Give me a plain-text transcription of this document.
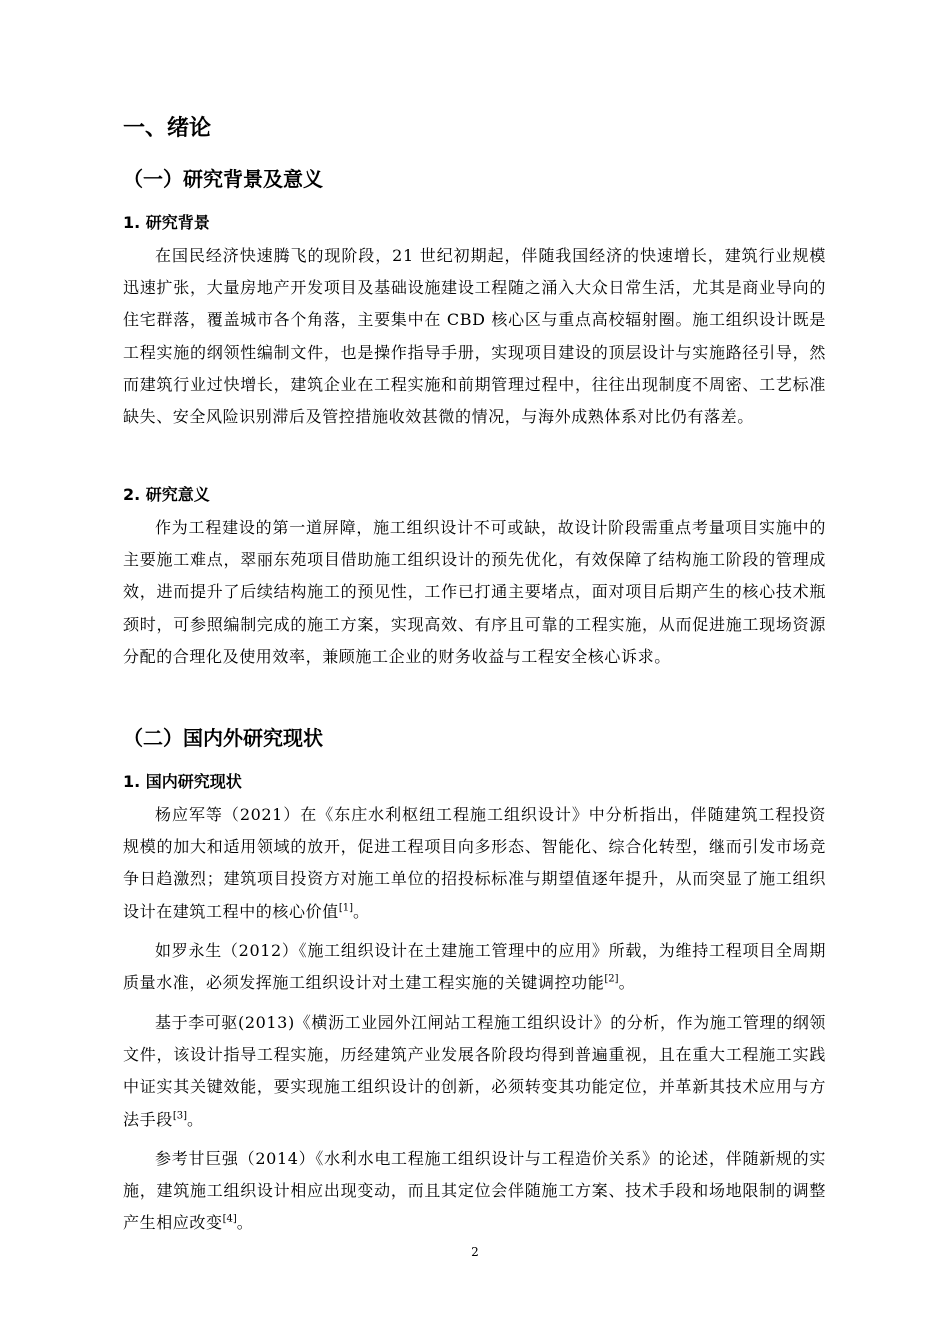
一、绪论
（一）研究背景及意义
1. 研究背景

在国民经济快速腾飞的现阶段，21 世纪初期起，伴随我国经济的快速增长，建筑行业规模迅速扩张，大量房地产开发项目及基础设施建设工程随之涌入大众日常生活，尤其是商业导向的住宅群落，覆盖城市各个角落，主要集中在 CBD 核心区与重点高校辐射圈。施工组织设计既是工程实施的纲领性编制文件，也是操作指导手册，实现项目建设的顶层设计与实施路径引导，然而建筑行业过快增长，建筑企业在工程实施和前期管理过程中，往往出现制度不周密、工艺标准缺失、安全风险识别滞后及管控措施收效甚微的情况，与海外成熟体系对比仍有落差。

2. 研究意义

作为工程建设的第一道屏障，施工组织设计不可或缺，故设计阶段需重点考量项目实施中的主要施工难点，翠丽东苑项目借助施工组织设计的预先优化，有效保障了结构施工阶段的管理成效，进而提升了后续结构施工的预见性，工作已打通主要堵点，面对项目后期产生的核心技术瓶颈时，可参照编制完成的施工方案，实现高效、有序且可靠的工程实施，从而促进施工现场资源分配的合理化及使用效率，兼顾施工企业的财务收益与工程安全核心诉求。

（二）国内外研究现状
1. 国内研究现状

杨应军等（2021）在《东庄水利枢纽工程施工组织设计》中分析指出，伴随建筑工程投资规模的加大和适用领域的放开，促进工程项目向多形态、智能化、综合化转型，继而引发市场竞争日趋激烈；建筑项目投资方对施工单位的招投标标准与期望值逐年提升，从而突显了施工组织设计在建筑工程中的核心价值[1]。

如罗永生（2012）《施工组织设计在土建施工管理中的应用》所载，为维持工程项目全周期质量水准，必须发挥施工组织设计对土建工程实施的关键调控功能[2]。

基于李可驱(2013)《横沥工业园外江闸站工程施工组织设计》的分析，作为施工管理的纲领文件，该设计指导工程实施，历经建筑产业发展各阶段均得到普遍重视，且在重大工程施工实践中证实其关键效能，要实现施工组织设计的创新，必须转变其功能定位，并革新其技术应用与方法手段[3]。

参考甘巨强（2014）《水利水电工程施工组织设计与工程造价关系》的论述，伴随新规的实施，建筑施工组织设计相应出现变动，而且其定位会伴随施工方案、技术手段和场地限制的调整产生相应改变[4]。

2
